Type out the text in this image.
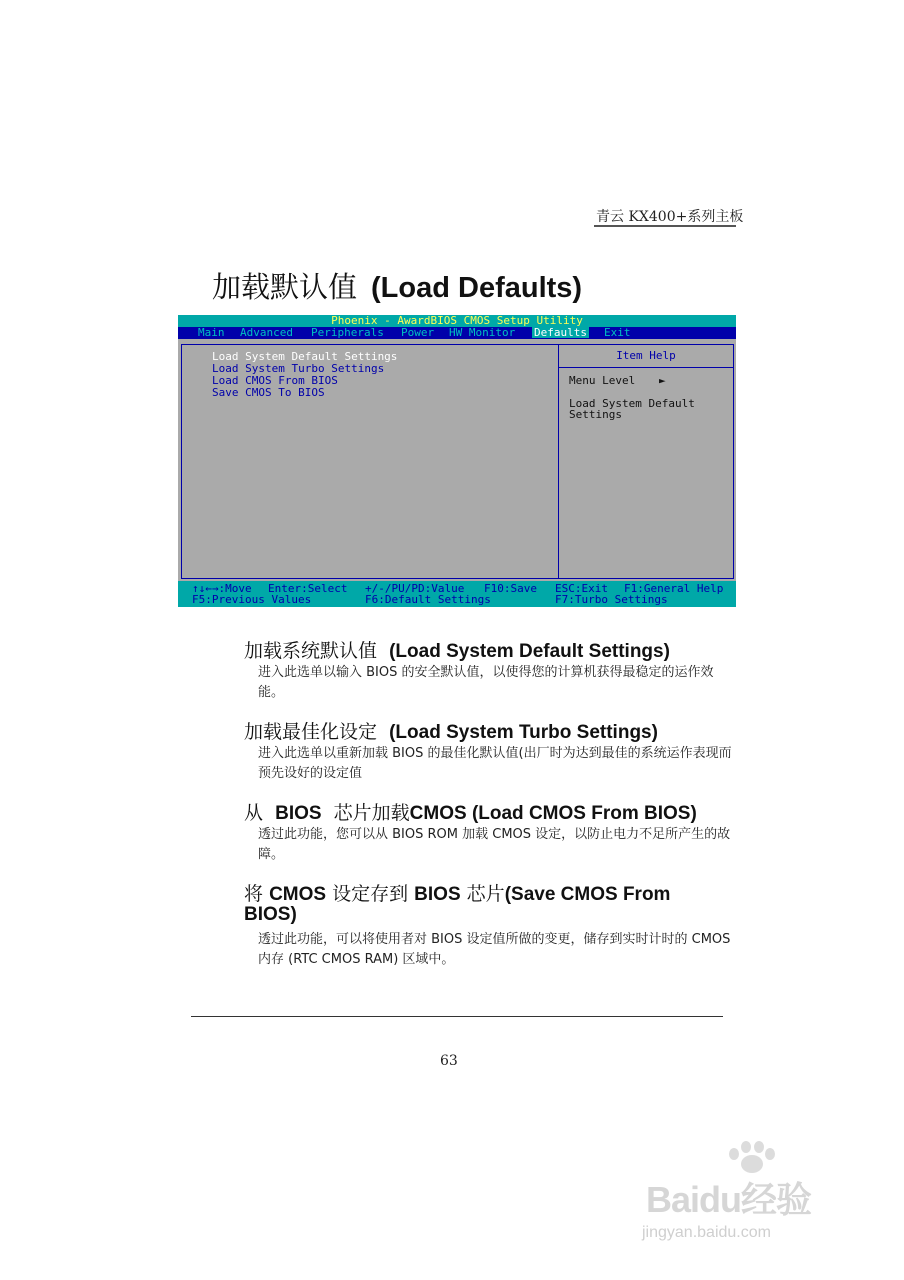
青云 KX400+系列主板
加载默认值 (Load Defaults)
Phoenix - AwardBIOS CMOS Setup Utility
Main Advanced Peripherals Power HW Monitor Defaults Exit
Load System Default Settings
Load System Turbo Settings
Load CMOS From BIOS
Save CMOS To BIOS
Item Help
Menu Level ►
Load System Default
Settings
↑↓←→:Move Enter:Select +/-/PU/PD:Value F10:Save ESC:Exit F1:General Help
F5:Previous Values	F6:Default Settings	F7:Turbo Settings
加载系统默认值 (Load System Default Settings)
进入此选单以输入 BIOS 的安全默认值，以使得您的计算机获得最稳定的运作效能。
加载最佳化设定 (Load System Turbo Settings)
进入此选单以重新加载 BIOS 的最佳化默认值(出厂时为达到最佳的系统运作表现而预先设好的设定值
从 BIOS 芯片加载CMOS (Load CMOS From BIOS)
透过此功能，您可以从 BIOS ROM 加载 CMOS 设定，以防止电力不足所产生的故障。
将 CMOS 设定存到 BIOS 芯片(Save CMOS From
BIOS)
透过此功能，可以将使用者对 BIOS 设定值所做的变更，储存到实时计时的 CMOS 内存 (RTC CMOS RAM) 区域中。
63
Baidu经验
jingyan.baidu.com
